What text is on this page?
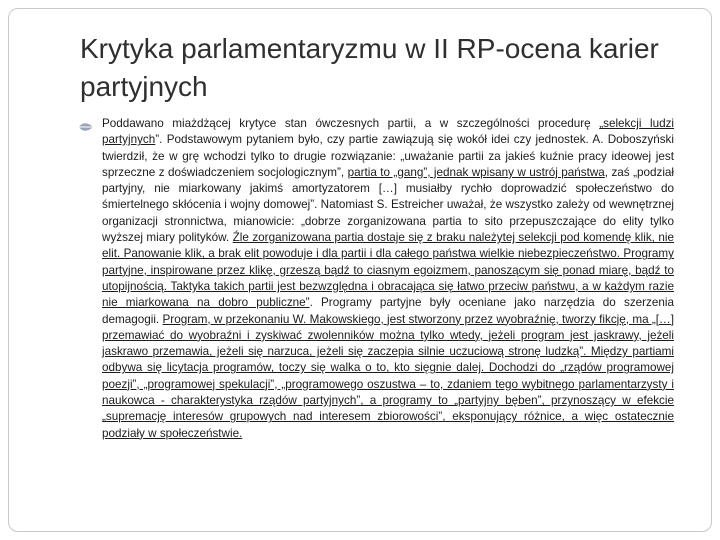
Krytyka parlamentaryzmu w II RP-ocena karier partyjnych

Poddawano miażdżącej krytyce stan ówczesnych partii, a w szczególności procedurę „selekcji ludzi partyjnych”. Podstawowym pytaniem było, czy partie zawiązują się wokół idei czy jednostek. A. Doboszyński twierdził, że w grę wchodzi tylko to drugie rozwiązanie: „uważanie partii za jakieś kuźnie pracy ideowej jest sprzeczne z doświadczeniem socjologicznym”, partia to „gang”, jednak wpisany w ustrój państwa, zaś „podział partyjny, nie miarkowany jakimś amortyzatorem […] musiałby rychło doprowadzić społeczeństwo do śmiertelnego skłócenia i wojny domowej”. Natomiast S. Estreicher uważał, że wszystko zależy od wewnętrznej organizacji stronnictwa, mianowicie: „dobrze zorganizowana partia to sito przepuszczające do elity tylko wyższej miary polityków. Źle zorganizowana partia dostaje się z braku należytej selekcji pod komendę klik, nie elit. Panowanie klik, a brak elit powoduje i dla partii i dla całego państwa wielkie niebezpieczeństwo. Programy partyjne, inspirowane przez klikę, grzeszą bądź to ciasnym egoizmem, panoszącym się ponad miarę, bądź to utopijnością. Taktyka takich partii jest bezwzględna i obracająca się łatwo przeciw państwu, a w każdym razie nie miarkowana na dobro publiczne”. Programy partyjne były oceniane jako narzędzia do szerzenia demagogii. Program, w przekonaniu W. Makowskiego, jest stworzony przez wyobraźnię, tworzy fikcję, ma „[…] przemawiać do wyobraźni i zyskiwać zwolenników można tylko wtedy, jeżeli program jest jaskrawy, jeżeli jaskrawo przemawia, jeżeli się narzuca, jeżeli się zaczepia silnie uczuciową stronę ludzką”. Między partiami odbywa się licytacja programów, toczy się walka o to, kto sięgnie dalej. Dochodzi do „rządów programowej poezji”, „programowej spekulacji”, „programowego oszustwa – to, zdaniem tego wybitnego parlamentarzysty i naukowca - charakterystyka rządów partyjnych”, a programy to „partyjny bęben”, przynoszący w efekcie „supremację interesów grupowych nad interesem zbiorowości”, eksponujący różnice, a więc ostatecznie podziały w społeczeństwie.
